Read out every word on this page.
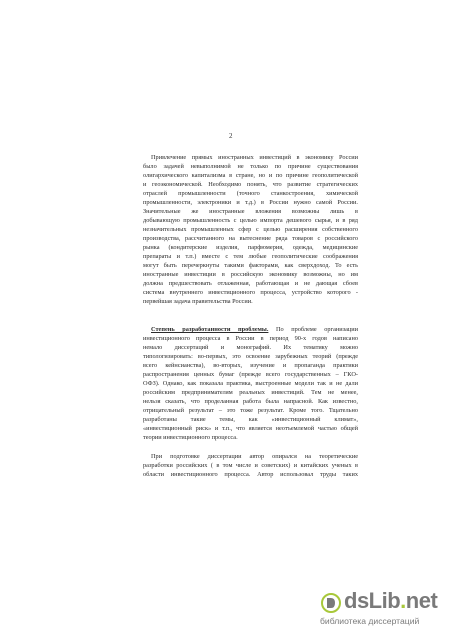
2
Привлечение прямых иностранных инвестиций в экономику России
было задачей невыполнимой не только по причине существования
олигархического капитализма в стране, но и по причине геополитической
и геоэкономической. Необходимо понять, что развитие стратегических
отраслей промышленности (точного станкостроения, химической
промышленности, электроники и т.д.) в России нужно самой России.
Значительные же иностранные вложения возможны лишь в
добывающую промышленность с целью импорта дешевого сырья, и в ряд
незначительных промышленных сфер с целью расширения собственного
производства, рассчитанного на вытеснение ряда товаров с российского
рынка (кондитерские изделия, парфюмерия, одежда, медицинские
препараты и т.п.) вместе с тем любые геополитические соображения
могут быть перечеркнуты такими факторами, как сверхдоход. То есть
иностранные инвестиции в российскую экономику возможны, но им
должна предшествовать отлаженная, работающая и не дающая сбоев
система внутреннего инвестиционного процесса, устройство которого -
первейшая задача правительства России.
Степень разработанности проблемы. По проблеме организации
инвестиционного процесса в России в период 90-х годов написано
немало диссертаций и монографий. Их тематику можно
типологизировать: во-первых, это освоение зарубежных теорий (прежде
всего кейнсианства), во-вторых, изучение и пропаганда практики
распространения ценных бумаг (прежде всего государственных – ГКО-
ОФЗ). Однако, как показала практика, выстроенные модели так и не дали
российским предпринимателям реальных инвестиций. Тем не менее,
нельзя сказать, что проделанная работа была напрасной. Как известно,
отрицательный результат – это тоже результат. Кроме того. Тщательно
разработаны такие темы, как «инвестиционный климат»,
«инвестиционный риск» и т.п., что является неотъемлемой частью общей
теории инвестиционного процесса.
При подготовке диссертации автор опирался на теоретические
разработки российских ( в том числе и советских) и китайских ученых в
области инвестиционного процесса. Автор использовал труды таких
dsLib.net
библиотека диссертаций
